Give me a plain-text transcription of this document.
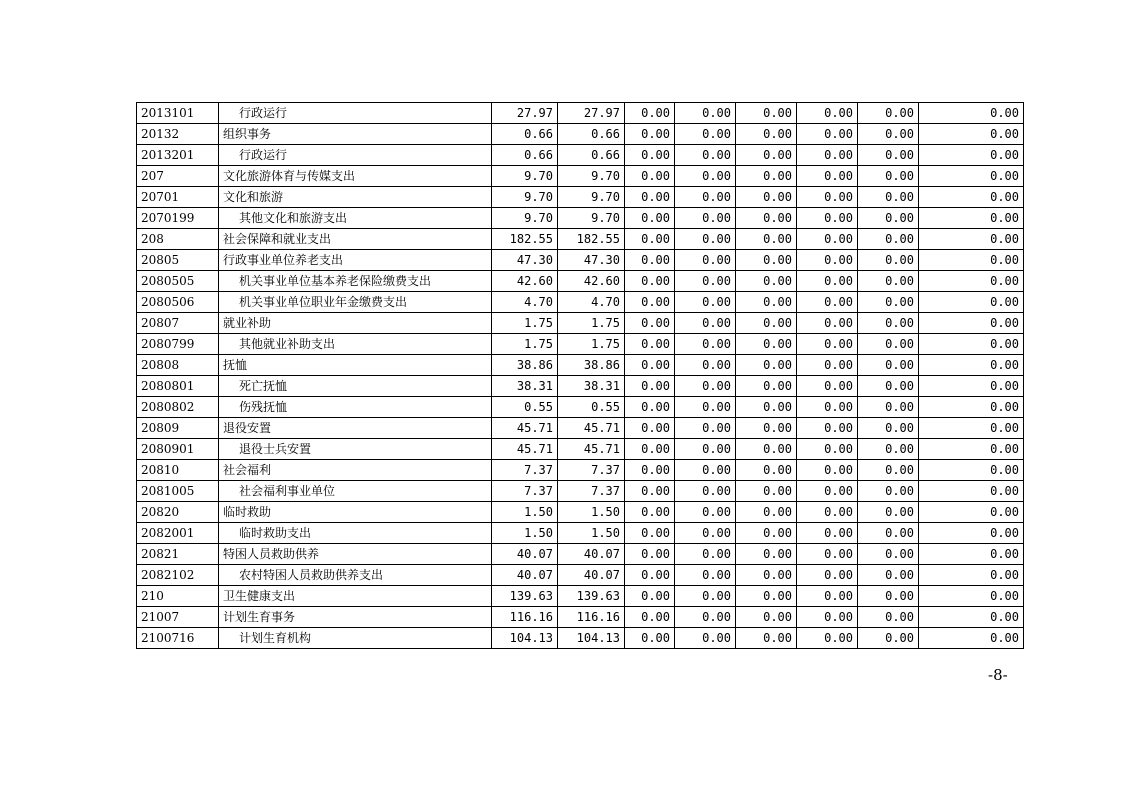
2013101	行政运行	27.97	27.97	0.00	0.00	0.00	0.00	0.00	0.00
20132	组织事务	0.66	0.66	0.00	0.00	0.00	0.00	0.00	0.00
2013201	行政运行	0.66	0.66	0.00	0.00	0.00	0.00	0.00	0.00
207	文化旅游体育与传媒支出	9.70	9.70	0.00	0.00	0.00	0.00	0.00	0.00
20701	文化和旅游	9.70	9.70	0.00	0.00	0.00	0.00	0.00	0.00
2070199	其他文化和旅游支出	9.70	9.70	0.00	0.00	0.00	0.00	0.00	0.00
208	社会保障和就业支出	182.55	182.55	0.00	0.00	0.00	0.00	0.00	0.00
20805	行政事业单位养老支出	47.30	47.30	0.00	0.00	0.00	0.00	0.00	0.00
2080505	机关事业单位基本养老保险缴费支出	42.60	42.60	0.00	0.00	0.00	0.00	0.00	0.00
2080506	机关事业单位职业年金缴费支出	4.70	4.70	0.00	0.00	0.00	0.00	0.00	0.00
20807	就业补助	1.75	1.75	0.00	0.00	0.00	0.00	0.00	0.00
2080799	其他就业补助支出	1.75	1.75	0.00	0.00	0.00	0.00	0.00	0.00
20808	抚恤	38.86	38.86	0.00	0.00	0.00	0.00	0.00	0.00
2080801	死亡抚恤	38.31	38.31	0.00	0.00	0.00	0.00	0.00	0.00
2080802	伤残抚恤	0.55	0.55	0.00	0.00	0.00	0.00	0.00	0.00
20809	退役安置	45.71	45.71	0.00	0.00	0.00	0.00	0.00	0.00
2080901	退役士兵安置	45.71	45.71	0.00	0.00	0.00	0.00	0.00	0.00
20810	社会福利	7.37	7.37	0.00	0.00	0.00	0.00	0.00	0.00
2081005	社会福利事业单位	7.37	7.37	0.00	0.00	0.00	0.00	0.00	0.00
20820	临时救助	1.50	1.50	0.00	0.00	0.00	0.00	0.00	0.00
2082001	临时救助支出	1.50	1.50	0.00	0.00	0.00	0.00	0.00	0.00
20821	特困人员救助供养	40.07	40.07	0.00	0.00	0.00	0.00	0.00	0.00
2082102	农村特困人员救助供养支出	40.07	40.07	0.00	0.00	0.00	0.00	0.00	0.00
210	卫生健康支出	139.63	139.63	0.00	0.00	0.00	0.00	0.00	0.00
21007	计划生育事务	116.16	116.16	0.00	0.00	0.00	0.00	0.00	0.00
2100716	计划生育机构	104.13	104.13	0.00	0.00	0.00	0.00	0.00	0.00
-8-
